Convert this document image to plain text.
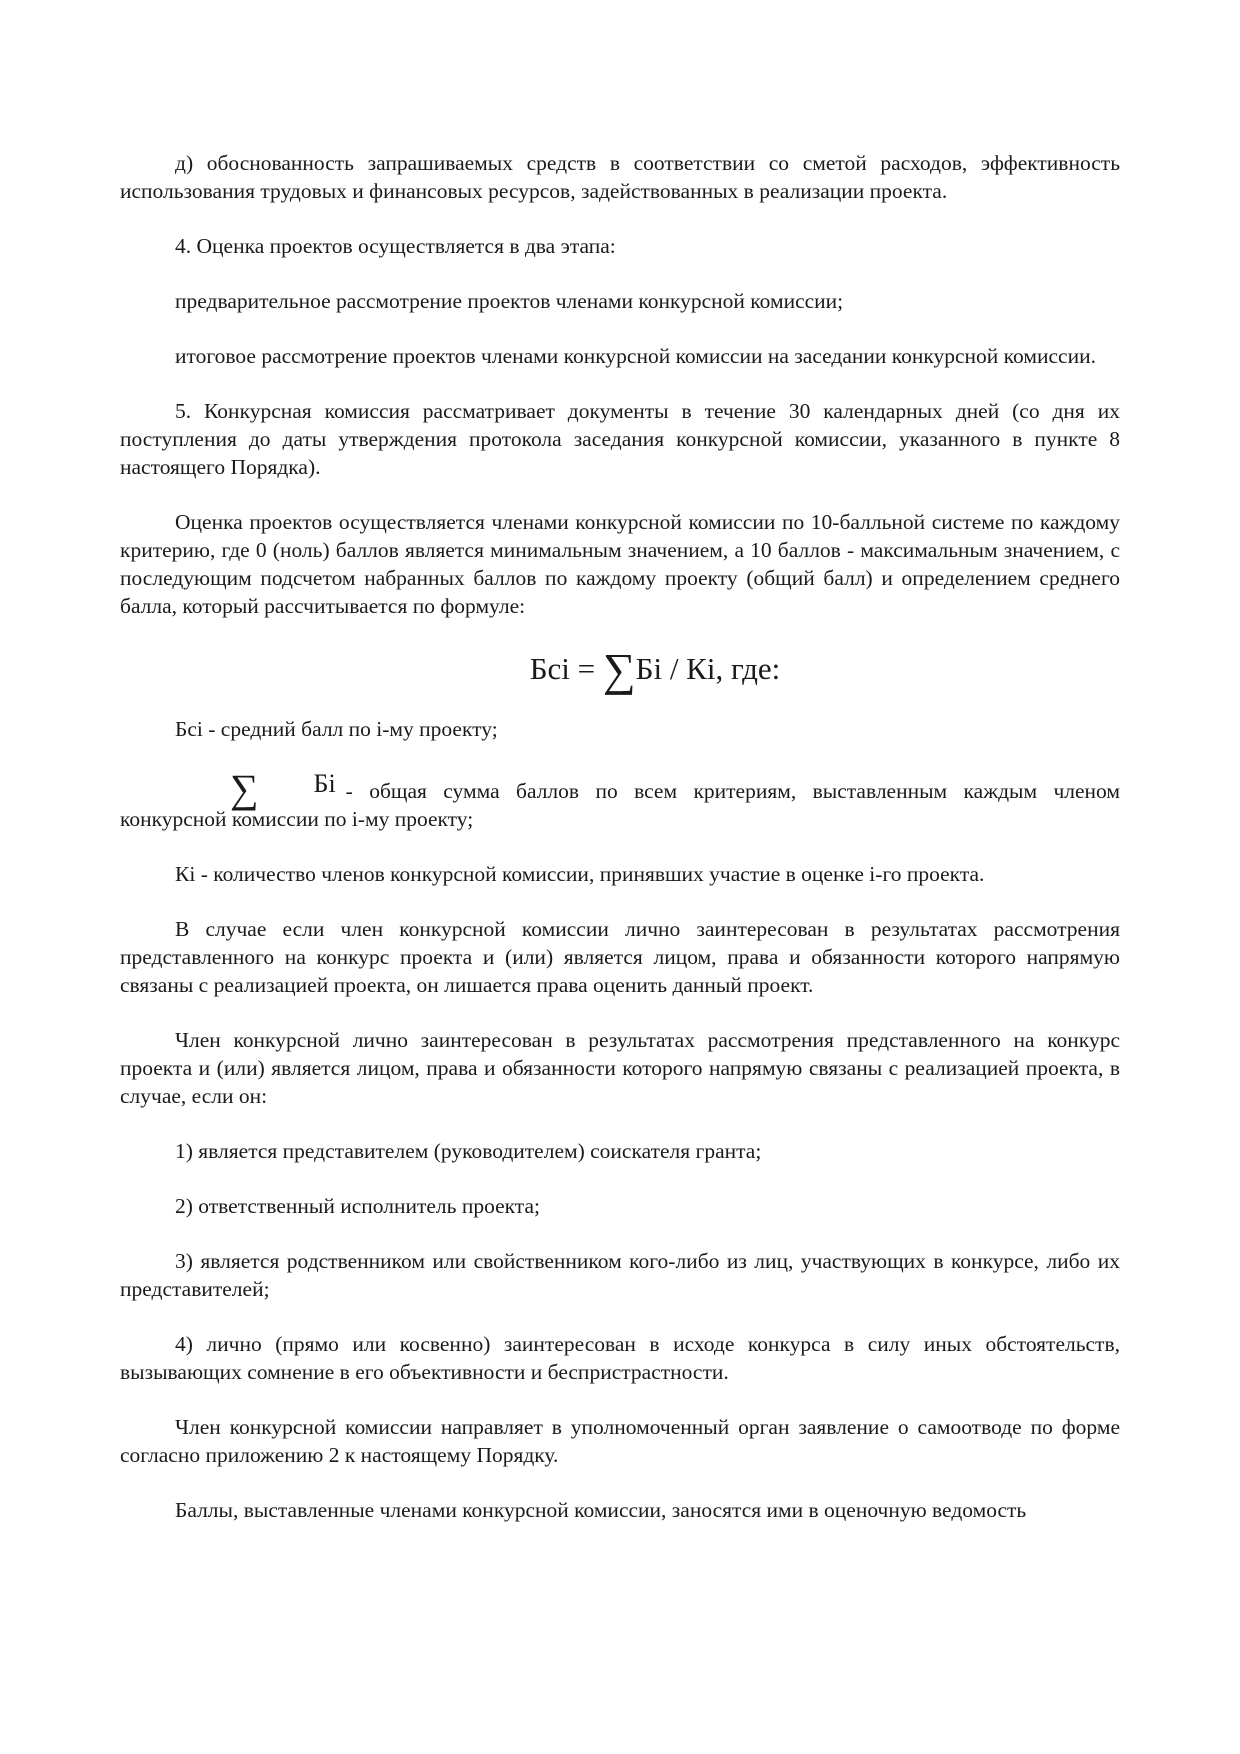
д) обоснованность запрашиваемых средств в соответствии со сметой расходов, эффективность использования трудовых и финансовых ресурсов, задействованных в реализации проекта.

4. Оценка проектов осуществляется в два этапа:

предварительное рассмотрение проектов членами конкурсной комиссии;

итоговое рассмотрение проектов членами конкурсной комиссии на заседании конкурсной комиссии.

5. Конкурсная комиссия рассматривает документы в течение 30 календарных дней (со дня их поступления до даты утверждения протокола заседания конкурсной комиссии, указанного в пункте 8 настоящего Порядка).

Оценка проектов осуществляется членами конкурсной комиссии по 10-балльной системе по каждому критерию, где 0 (ноль) баллов является минимальным значением, а 10 баллов - максимальным значением, с последующим подсчетом набранных баллов по каждому проекту (общий балл) и определением среднего балла, который рассчитывается по формуле:

Бсi = ∑Бi / Кi, где:

Бсi - средний балл по i-му проекту;

∑ Бi - общая сумма баллов по всем критериям, выставленным каждым членом конкурсной комиссии по i-му проекту;

Кi - количество членов конкурсной комиссии, принявших участие в оценке i-го проекта.

В случае если член конкурсной комиссии лично заинтересован в результатах рассмотрения представленного на конкурс проекта и (или) является лицом, права и обязанности которого напрямую связаны с реализацией проекта, он лишается права оценить данный проект.

Член конкурсной лично заинтересован в результатах рассмотрения представленного на конкурс проекта и (или) является лицом, права и обязанности которого напрямую связаны с реализацией проекта, в случае, если он:

1) является представителем (руководителем) соискателя гранта;

2) ответственный исполнитель проекта;

3) является родственником или свойственником кого-либо из лиц, участвующих в конкурсе, либо их представителей;

4) лично (прямо или косвенно) заинтересован в исходе конкурса в силу иных обстоятельств, вызывающих сомнение в его объективности и беспристрастности.

Член конкурсной комиссии направляет в уполномоченный орган заявление о самоотводе по форме согласно приложению 2 к настоящему Порядку.

Баллы, выставленные членами конкурсной комиссии, заносятся ими в оценочную ведомость
